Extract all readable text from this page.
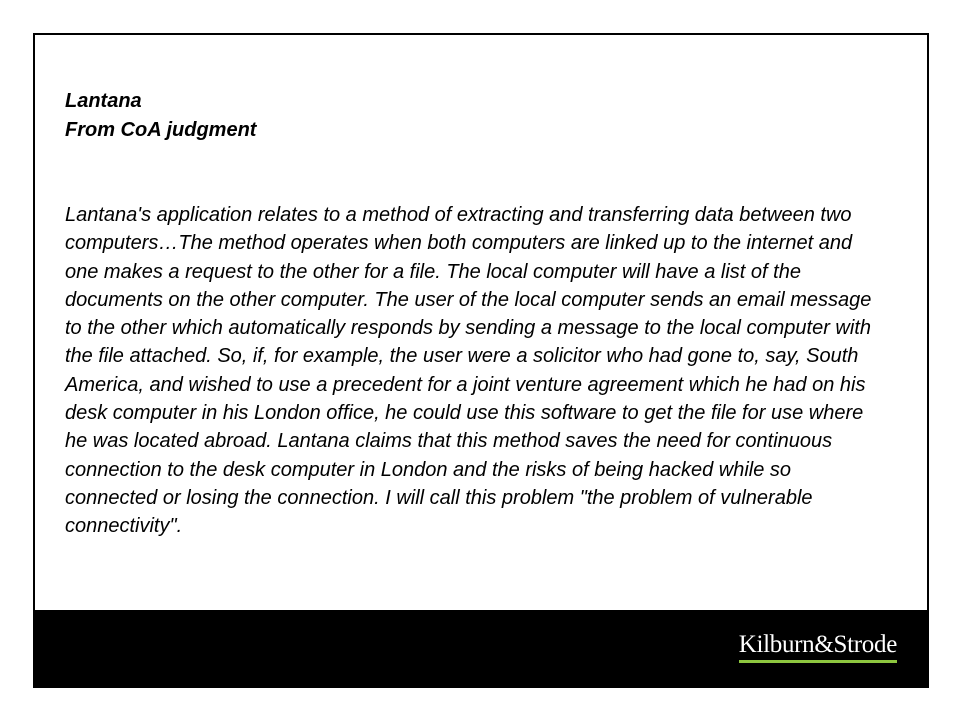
Lantana
From CoA judgment
Lantana's application relates to a method of extracting and transferring data between two computers…The method operates when both computers are linked up to the internet and one makes a request to the other for a file. The local computer will have a list of the documents on the other computer. The user of the local computer sends an email message to the other which automatically responds by sending a message to the local computer with the file attached. So, if, for example, the user were a solicitor who had gone to, say, South America, and wished to use a precedent for a joint venture agreement which he had on his desk computer in his London office, he could use this software to get the file for use where he was located abroad. Lantana claims that this method saves the need for continuous connection to the desk computer in London and the risks of being hacked while so connected or losing the connection. I will call this problem "the problem of vulnerable connectivity".
Kilburn&Strode
